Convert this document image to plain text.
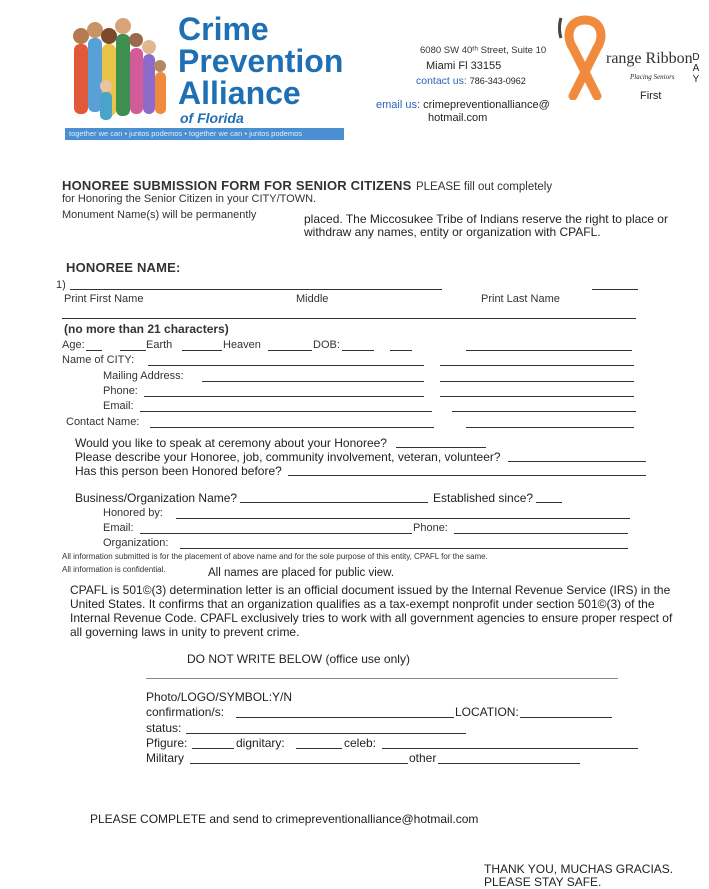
Crime
Prevention
Alliance
of Florida
together we can • juntos podemos • together we can • juntos podemos
6080 SW 40ᵗʰ Street, Suite 10
Miami Fl 33155
contact us: 786-343-0962
email us: crimepreventionalliance@
hotmail.com
range Ribbon
Placing Seniors
First
D
A
Y
HONOREE SUBMISSION FORM FOR SENIOR CITIZENS PLEASE fill out completely
for Honoring the Senior Citizen in your CITY/TOWN.
Monument Name(s) will be permanently	placed. The Miccosukee Tribe of Indians reserve the right to place or
withdraw any names, entity or organization with CPAFL.
HONOREE NAME:
1)
Print First Name	Middle	Print Last Name
(no more than 21 characters)
Age:	Earth	Heaven	DOB:
Name of CITY:
Mailing Address:
Phone:
Email:
Contact Name:
Would you like to speak at ceremony about your Honoree?
Please describe your Honoree, job, community involvement, veteran, volunteer?
Has this person been Honored before?
Business/Organization Name?	Established since?
Honored by:
Email:	Phone:
Organization:
All information submitted is for the placement of above name and for the sole purpose of this entity, CPAFL for the same.
All information is confidential.	All names are placed for public view.
CPAFL is 501©(3) determination letter is an official document issued by the Internal Revenue Service (IRS) in the
United States. It confirms that an organization qualifies as a tax-exempt nonprofit under section 501©(3) of the
Internal Revenue Code. CPAFL exclusively tries to work with all government agencies to ensure proper respect of
all governing laws in unity to prevent crime.
DO NOT WRITE BELOW (office use only)
Photo/LOGO/SYMBOL:Y/N
confirmation/s:	LOCATION:
status:
Pfigure:	dignitary:	celeb:
Military	other
PLEASE COMPLETE and send to crimepreventionalliance@hotmail.com
THANK YOU, MUCHAS GRACIAS.
PLEASE STAY SAFE.
